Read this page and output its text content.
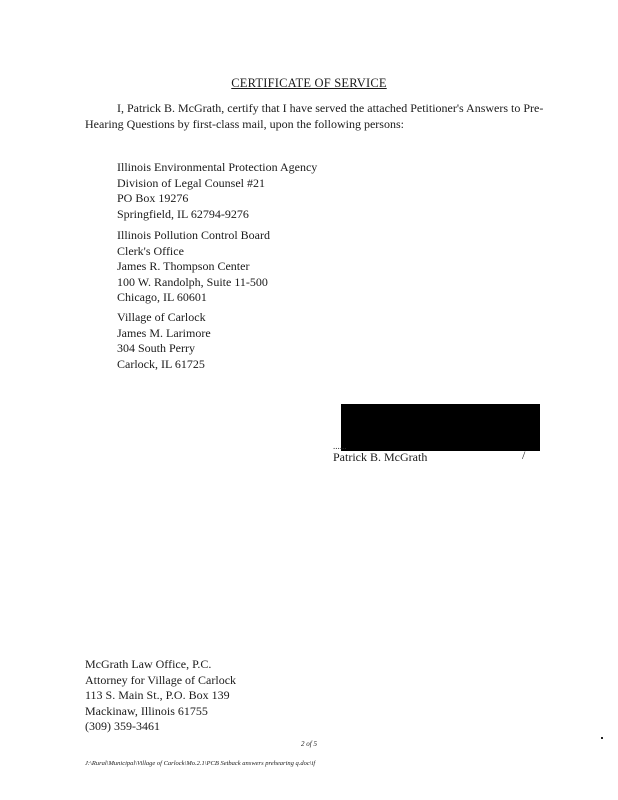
CERTIFICATE OF SERVICE
I, Patrick B. McGrath, certify that I have served the attached Petitioner's Answers to Pre-Hearing Questions by first-class mail, upon the following persons:
Illinois Environmental Protection Agency
Division of Legal Counsel #21
PO Box 19276
Springfield, IL 62794-9276
Illinois Pollution Control Board
Clerk's Office
James R. Thompson Center
100 W. Randolph, Suite 11-500
Chicago, IL 60601
Village of Carlock
James M. Larimore
304 South Perry
Carlock, IL 61725
......
Patrick B. McGrath	/
McGrath Law Office, P.C.
Attorney for Village of Carlock
113 S. Main St., P.O. Box 139
Mackinaw, Illinois 61755
(309) 359-3461
2 of 5
J:\Rural\Municipal\Village of Carlock\Mo.2.1\PCB Setback answers prehearing q.doc\if
